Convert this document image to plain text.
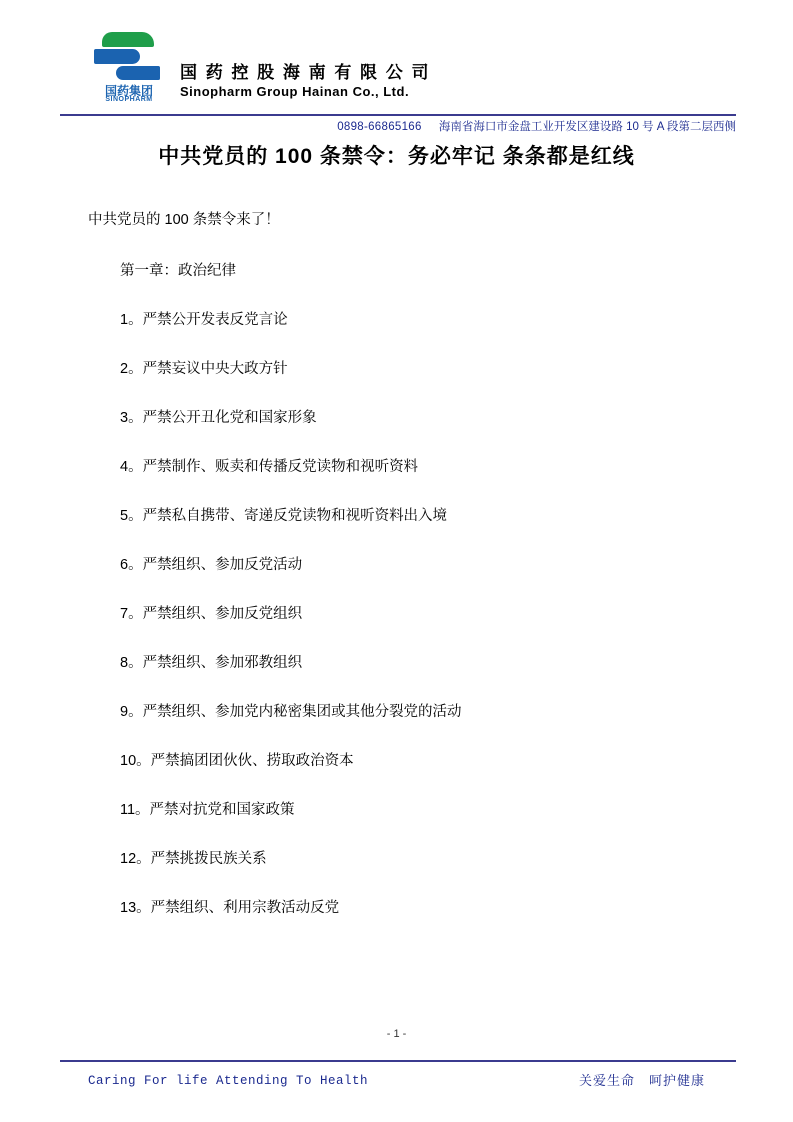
国药集团
SINOPHARM
国 药 控 股 海 南 有 限 公 司
Sinopharm Group Hainan Co., Ltd.
0898-66865166 海南省海口市金盘工业开发区建设路 10 号 A 段第二层西侧
中共党员的 100 条禁令：务必牢记 条条都是红线
中共党员的 100 条禁令来了！
第一章：政治纪律
1。严禁公开发表反党言论
2。严禁妄议中央大政方针
3。严禁公开丑化党和国家形象
4。严禁制作、贩卖和传播反党读物和视听资料
5。严禁私自携带、寄递反党读物和视听资料出入境
6。严禁组织、参加反党活动
7。严禁组织、参加反党组织
8。严禁组织、参加邪教组织
9。严禁组织、参加党内秘密集团或其他分裂党的活动
10。严禁搞团团伙伙、捞取政治资本
11。严禁对抗党和国家政策
12。严禁挑拨民族关系
13。严禁组织、利用宗教活动反党
- 1 -
Caring For life Attending To Health	关爱生命 呵护健康
